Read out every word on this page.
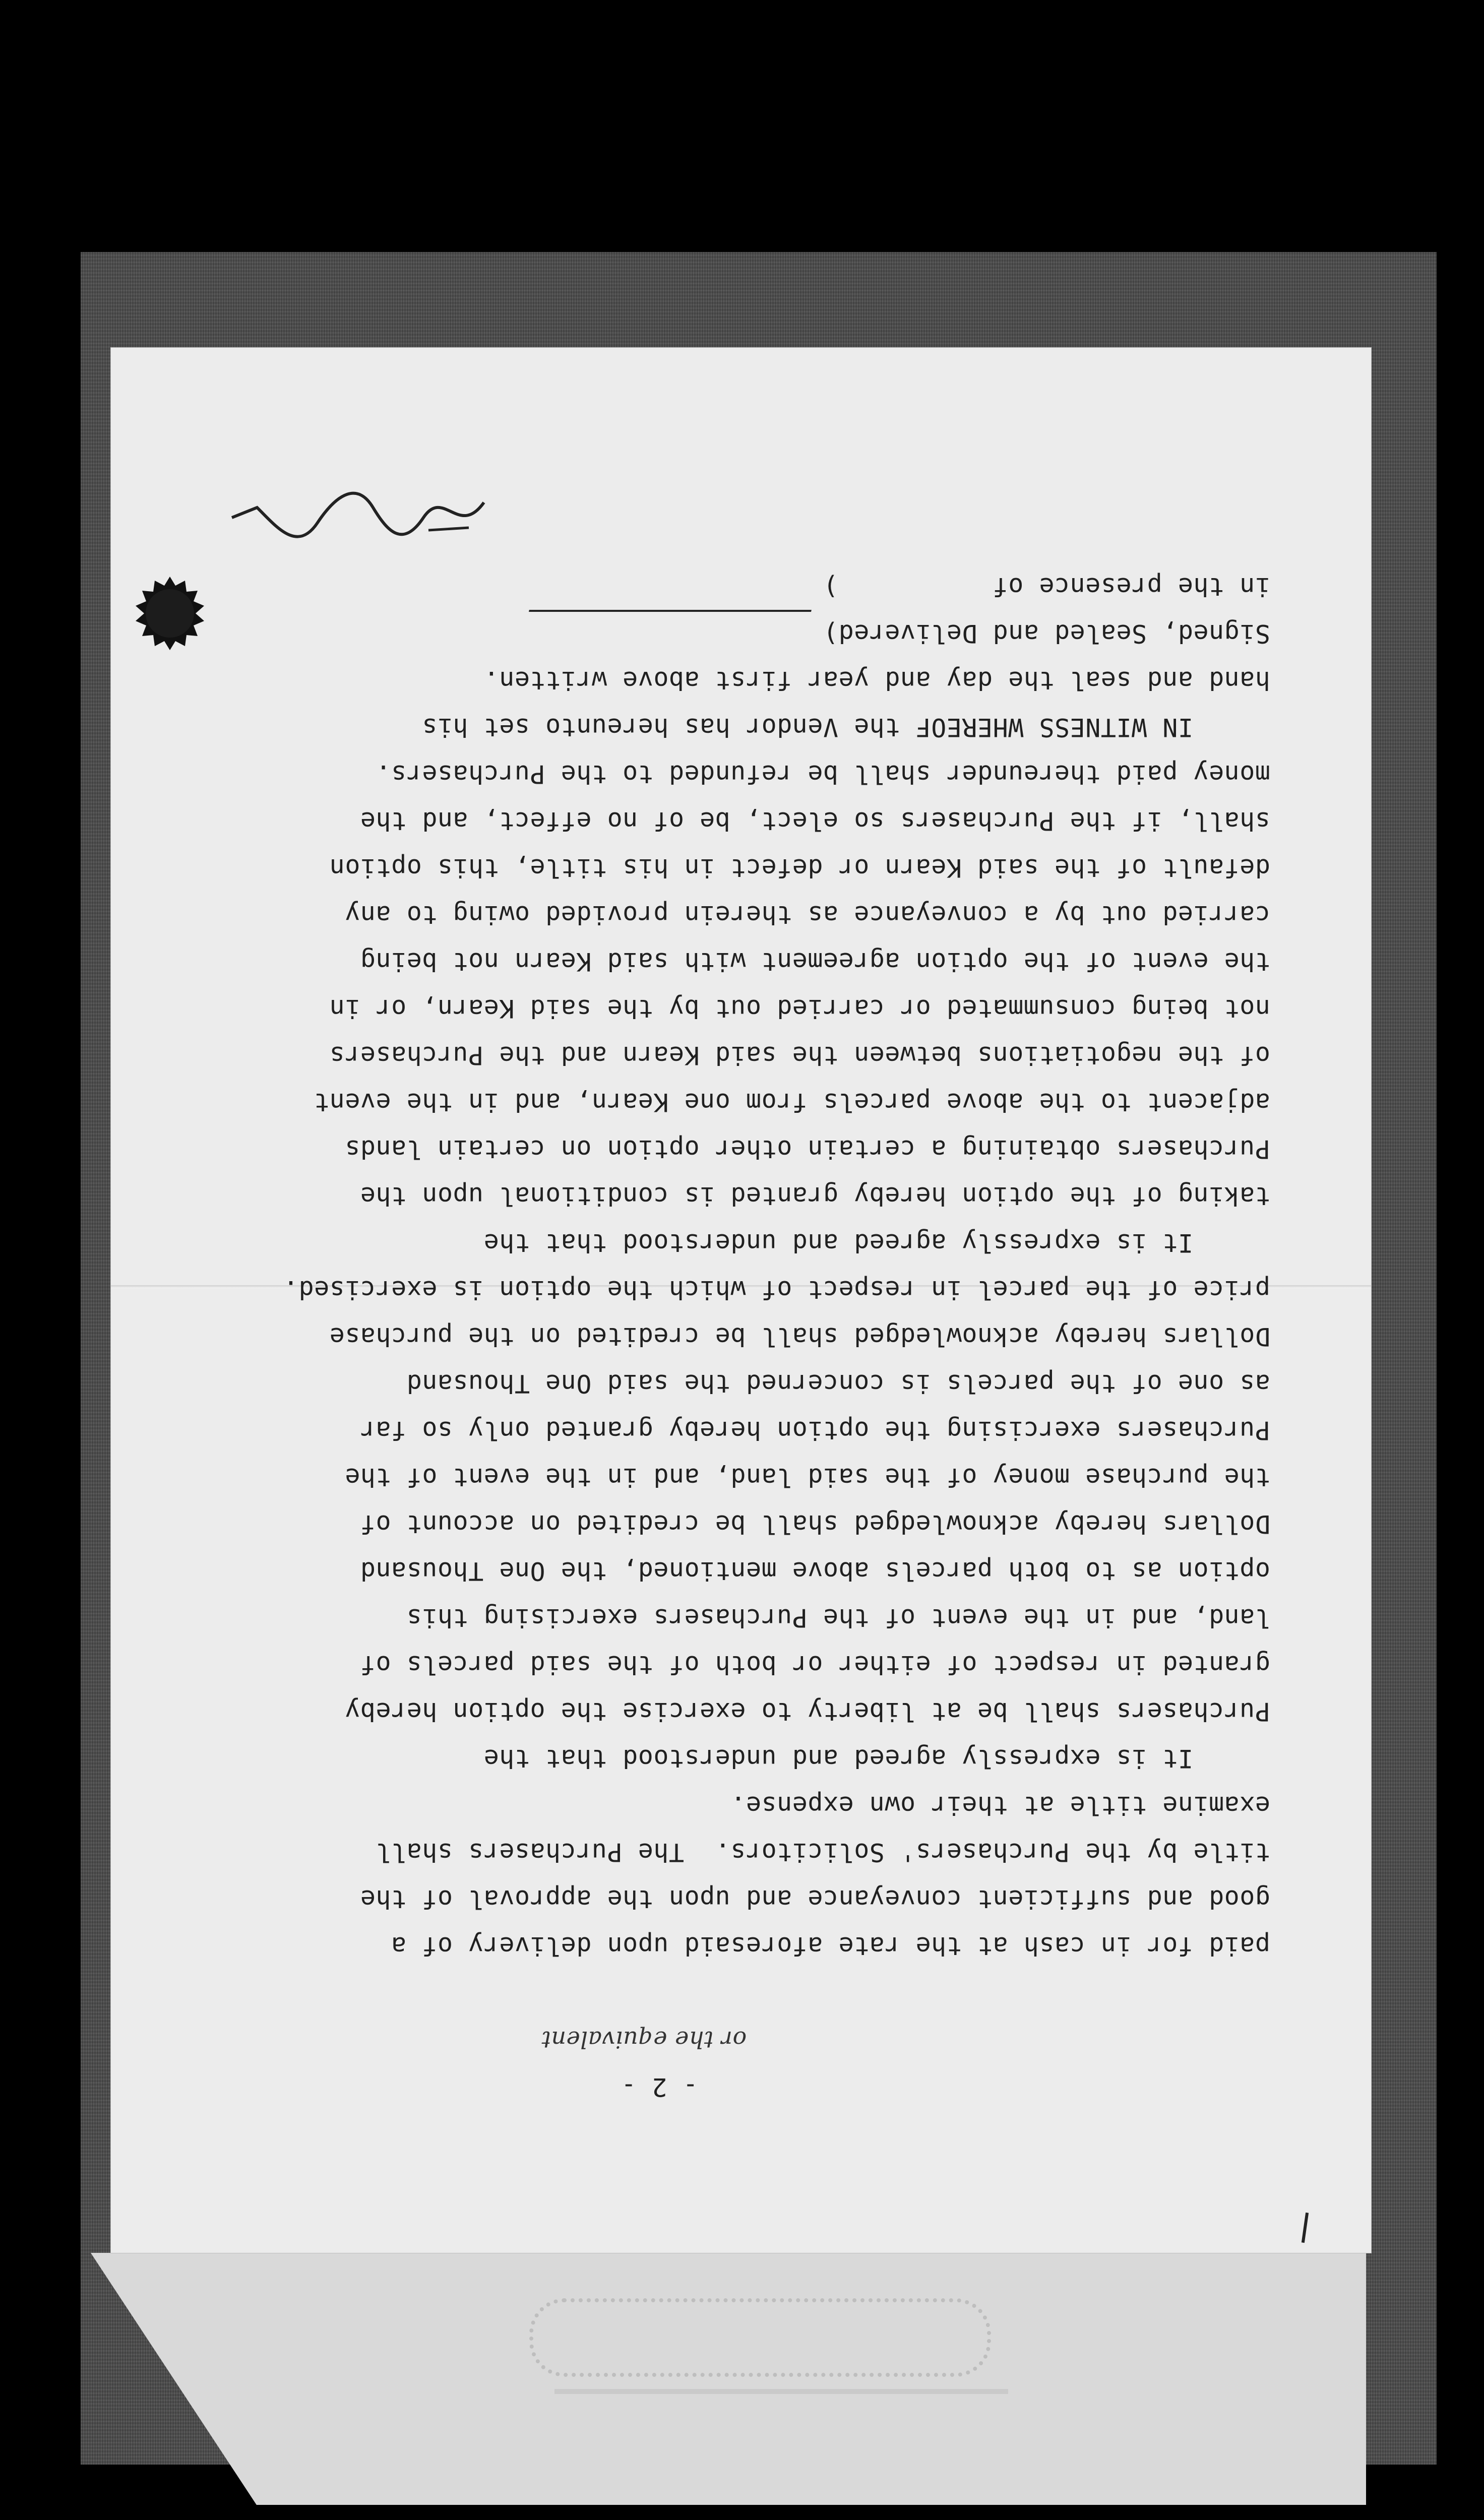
- 2 -
or the equivalent

paid for in cash at the rate aforesaid upon delivery of a

good and sufficient conveyance and upon the approval of the

title by the Purchasers' Solicitors.  The Purchasers shall

examine title at their own expense.

It is expressly agreed and understood that the

Purchasers shall be at liberty to exercise the option hereby

granted in respect of either or both of the said parcels of

land, and in the event of the Purchasers exercising this

option as to both parcels above mentioned, the One Thousand

Dollars hereby acknowledged shall be credited on account of

the purchase money of the said land, and in the event of the

Purchasers exercising the option hereby granted only so far

as one of the parcels is concerned the said One Thousand

Dollars hereby acknowledged shall be credited on the purchase

price of the parcel in respect of which the option is exercised.

It is expressly agreed and understood that the

taking of the option hereby granted is conditional upon the

Purchasers obtaining a certain other option on certain lands

adjacent to the above parcels from one Kearn, and in the event

of the negotiations between the said Kearn and the Purchasers

not being consummated or carried out by the said Kearn, or in

the event of the option agreement with said Kearn not being

carried out by a conveyance as therein provided owing to any

default of the said Kearn or defect in his title, this option

shall, if the Purchasers so elect, be of no effect, and the

money paid thereunder shall be refunded to the Purchasers.

IN WITNESS WHEREOF the Vendor has hereunto set his

hand and seal the day and year first above written.

Signed, Sealed and Delivered)

in the presence of          )
